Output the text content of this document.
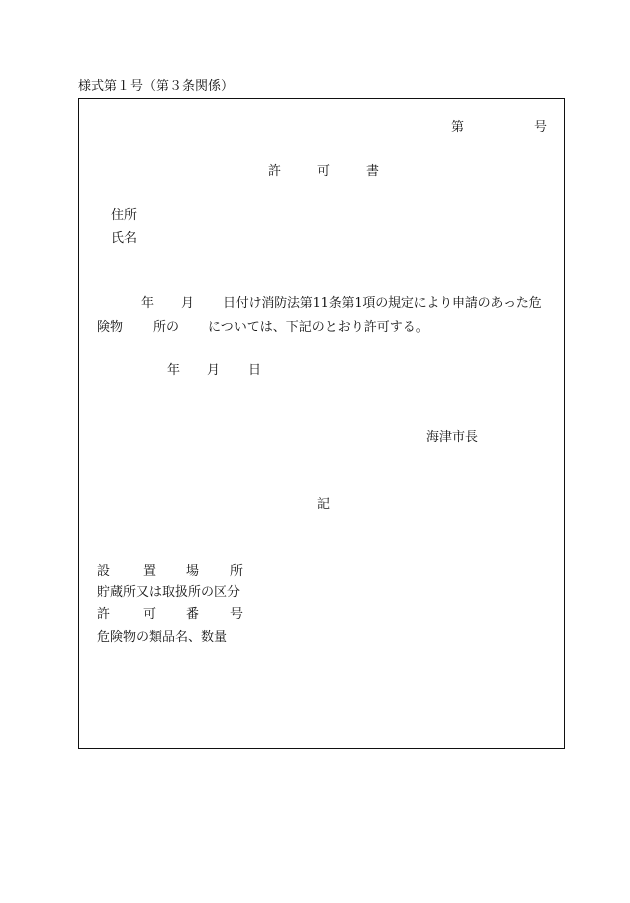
様式第１号（第３条関係）
第	号
許	可	書
住所
氏名
年 月 日付け消防法第11条第1項の規定により申請のあった危
険物 所の については、下記のとおり許可する。
年 月 日
海津市長
記
設	置 場 所
貯蔵所又は取扱所の区分
許	可 番 号
危険物の類品名、数量
